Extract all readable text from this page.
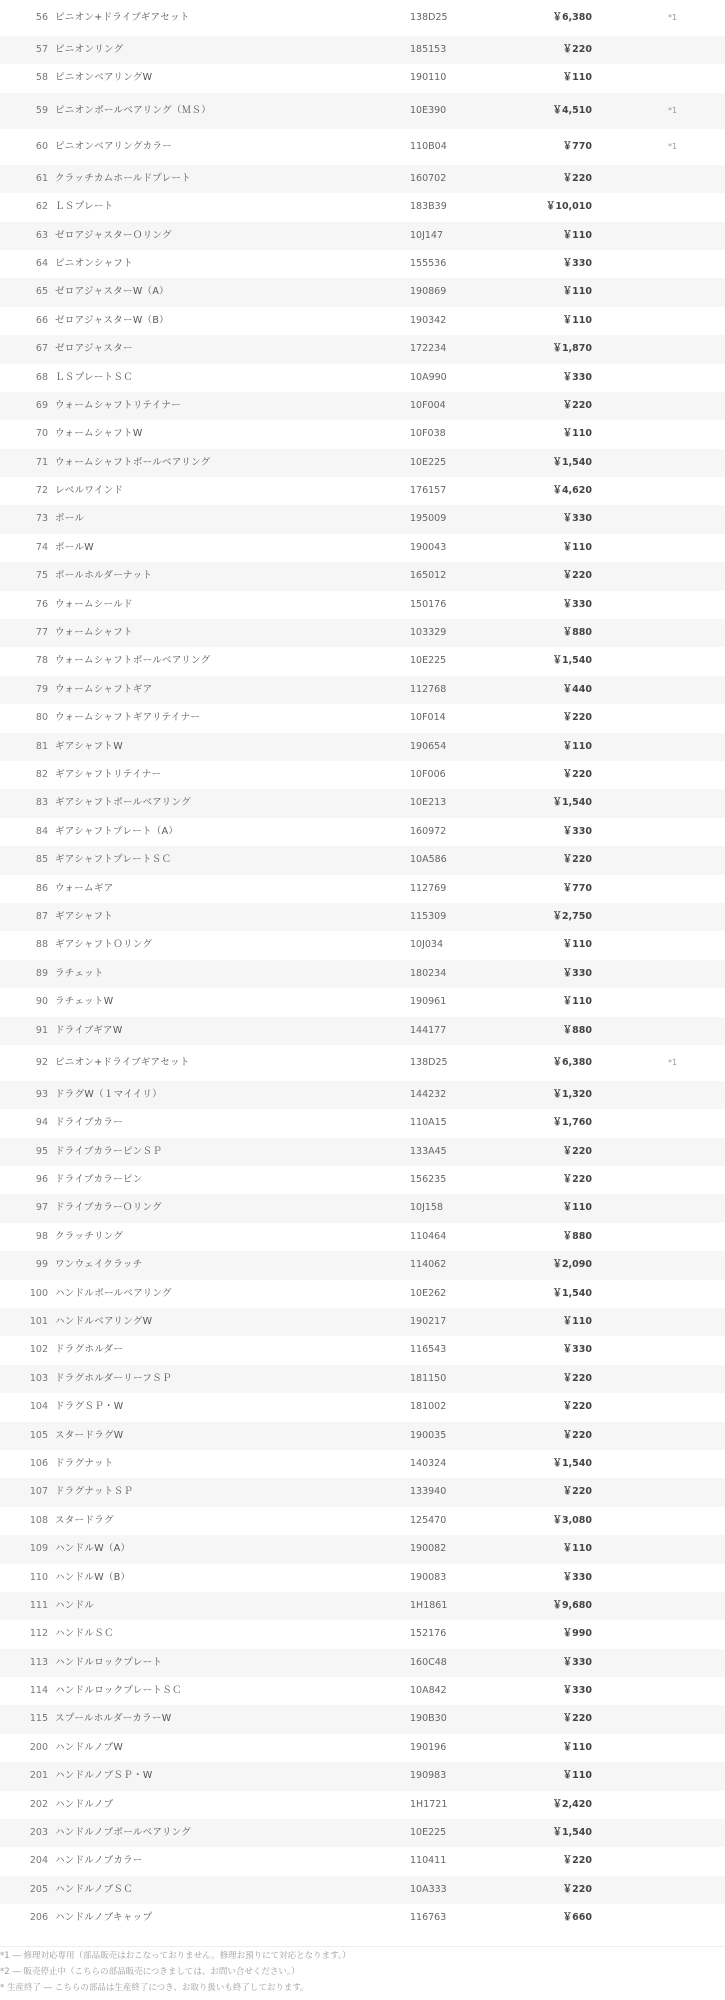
56 ピニオン+ドライブギアセット	138D25	￥6,380	*1
57 ピニオンリング	185153	￥220
58 ピニオンベアリングW	190110	￥110
59 ピニオンボールベアリング（ＭＳ）	10E390	￥4,510	*1
60 ピニオンベアリングカラー	110B04	￥770	*1
61 クラッチカムホールドプレート	160702	￥220
62 ＬＳプレート	183B39	￥10,010
63 ゼロアジャスターＯリング	10J147	￥110
64 ピニオンシャフト	155536	￥330
65 ゼロアジャスターW（A）	190869	￥110
66 ゼロアジャスターW（B）	190342	￥110
67 ゼロアジャスター	172234	￥1,870
68 ＬＳプレートＳＣ	10A990	￥330
69 ウォームシャフトリテイナー	10F004	￥220
70 ウォームシャフトW	10F038	￥110
71 ウォームシャフトボールベアリング	10E225	￥1,540
72 レベルワインド	176157	￥4,620
73 ポール	195009	￥330
74 ポールW	190043	￥110
75 ポールホルダーナット	165012	￥220
76 ウォームシールド	150176	￥330
77 ウォームシャフト	103329	￥880
78 ウォームシャフトボールベアリング	10E225	￥1,540
79 ウォームシャフトギア	112768	￥440
80 ウォームシャフトギアリテイナー	10F014	￥220
81 ギアシャフトW	190654	￥110
82 ギアシャフトリテイナー	10F006	￥220
83 ギアシャフトボールベアリング	10E213	￥1,540
84 ギアシャフトプレート（A）	160972	￥330
85 ギアシャフトプレートＳＣ	10A586	￥220
86 ウォームギア	112769	￥770
87 ギアシャフト	115309	￥2,750
88 ギアシャフトＯリング	10J034	￥110
89 ラチェット	180234	￥330
90 ラチェットW	190961	￥110
91 ドライブギアW	144177	￥880
92 ピニオン+ドライブギアセット	138D25	￥6,380	*1
93 ドラグW（１マイイリ）	144232	￥1,320
94 ドライブカラー	110A15	￥1,760
95 ドライブカラーピンＳＰ	133A45	￥220
96 ドライブカラーピン	156235	￥220
97 ドライブカラーＯリング	10J158	￥110
98 クラッチリング	110464	￥880
99 ワンウェイクラッチ	114062	￥2,090
100 ハンドルボールベアリング	10E262	￥1,540
101 ハンドルベアリングW	190217	￥110
102 ドラグホルダー	116543	￥330
103 ドラグホルダーリーフＳＰ	181150	￥220
104 ドラグＳＰ・W	181002	￥220
105 スタードラグW	190035	￥220
106 ドラグナット	140324	￥1,540
107 ドラグナットＳＰ	133940	￥220
108 スタードラグ	125470	￥3,080
109 ハンドルW（A）	190082	￥110
110 ハンドルW（B）	190083	￥330
111 ハンドル	1H1861	￥9,680
112 ハンドルＳＣ	152176	￥990
113 ハンドルロックプレート	160C48	￥330
114 ハンドルロックプレートＳＣ	10A842	￥330
115 スプールホルダーカラーW	190B30	￥220
200 ハンドルノブW	190196	￥110
201 ハンドルノブＳＰ・W	190983	￥110
202 ハンドルノブ	1H1721	￥2,420
203 ハンドルノブボールベアリング	10E225	￥1,540
204 ハンドルノブカラー	110411	￥220
205 ハンドルノブＳＣ	10A333	￥220
206 ハンドルノブキャップ	116763	￥660
*1 ― 修理対応専用（部品販売はおこなっておりません。修理お預りにて対応となります。）
*2 ― 販売停止中（こちらの部品販売につきましては、お問い合せください。）
* 生産終了 ― こちらの部品は生産終了につき、お取り扱いも終了しております。
